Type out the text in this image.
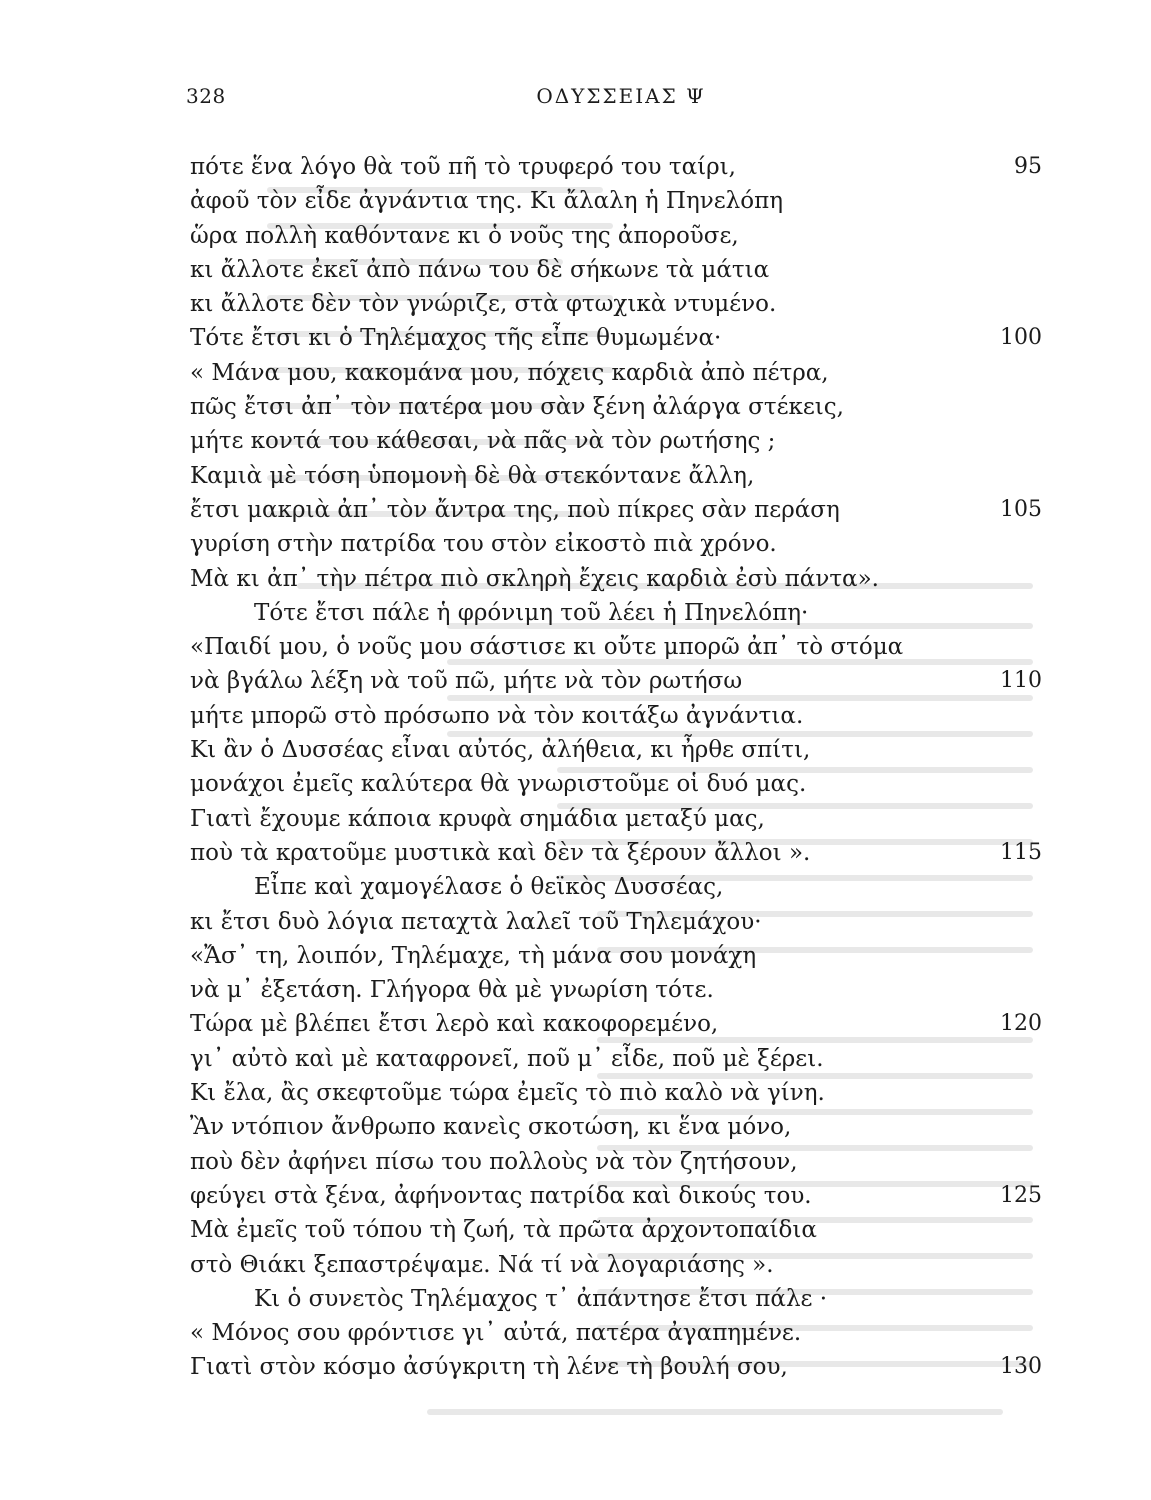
328	ΟΔΥΣΣΕΙΑΣ Ψ
πότε ἕνα λόγο θὰ τοῦ πῆ τὸ τρυφερό του ταίρι,	95
ἀφοῦ τὸν εἶδε ἀγνάντια της. Κι ἄλαλη ἡ Πηνελόπη
ὥρα πολλὴ καθόντανε κι ὁ νοῦς της ἀποροῦσε,
κι ἄλλοτε ἐκεῖ ἀπὸ πάνω του δὲ σήκωνε τὰ μάτια
κι ἄλλοτε δὲν τὸν γνώριζε, στὰ φτωχικὰ ντυμένο.
Τότε ἔτσι κι ὁ Τηλέμαχος τῆς εἶπε θυμωμένα·	100
« Μάνα μου, κακομάνα μου, πόχεις καρδιὰ ἀπὸ πέτρα,
πῶς ἔτσι ἀπ᾽ τὸν πατέρα μου σὰν ξένη ἀλάργα στέκεις,
μήτε κοντά του κάθεσαι, νὰ πᾶς νὰ τὸν ρωτήσης ;
Καμιὰ μὲ τόση ὑπομονὴ δὲ θὰ στεκόντανε ἄλλη,
ἔτσι μακριὰ ἀπ᾽ τὸν ἄντρα της, ποὺ πίκρες σὰν περάση	105
γυρίση στὴν πατρίδα του στὸν εἰκοστὸ πιὰ χρόνο.
Μὰ κι ἀπ᾽ τὴν πέτρα πιὸ σκληρὴ ἔχεις καρδιὰ ἐσὺ πάντα».
Τότε ἔτσι πάλε ἡ φρόνιμη τοῦ λέει ἡ Πηνελόπη·
«Παιδί μου, ὁ νοῦς μου σάστισε κι οὔτε μπορῶ ἀπ᾽ τὸ στόμα
νὰ βγάλω λέξη νὰ τοῦ πῶ, μήτε νὰ τὸν ρωτήσω	110
μήτε μπορῶ στὸ πρόσωπο νὰ τὸν κοιτάξω ἀγνάντια.
Κι ἂν ὁ Δυσσέας εἶναι αὐτός, ἀλήθεια, κι ἦρθε σπίτι,
μονάχοι ἐμεῖς καλύτερα θὰ γνωριστοῦμε οἱ δυό μας.
Γιατὶ ἔχουμε κάποια κρυφὰ σημάδια μεταξύ μας,
ποὺ τὰ κρατοῦμε μυστικὰ καὶ δὲν τὰ ξέρουν ἄλλοι ».	115
Εἶπε καὶ χαμογέλασε ὁ θεϊκὸς Δυσσέας,
κι ἔτσι δυὸ λόγια πεταχτὰ λαλεῖ τοῦ Τηλεμάχου·
«Ἄσ᾽ τη, λοιπόν, Τηλέμαχε, τὴ μάνα σου μονάχη
νὰ μ᾽ ἐξετάση. Γλήγορα θὰ μὲ γνωρίση τότε.
Τώρα μὲ βλέπει ἔτσι λερὸ καὶ κακοφορεμένο,	120
γι᾽ αὐτὸ καὶ μὲ καταφρονεῖ, ποῦ μ᾽ εἶδε, ποῦ μὲ ξέρει.
Κι ἔλα, ἂς σκεφτοῦμε τώρα ἐμεῖς τὸ πιὸ καλὸ νὰ γίνη.
Ἂν ντόπιον ἄνθρωπο κανεὶς σκοτώση, κι ἕνα μόνο,
ποὺ δὲν ἀφήνει πίσω του πολλοὺς νὰ τὸν ζητήσουν,
φεύγει στὰ ξένα, ἀφήνοντας πατρίδα καὶ δικούς του.	125
Μὰ ἐμεῖς τοῦ τόπου τὴ ζωή, τὰ πρῶτα ἀρχοντοπαίδια
στὸ Θιάκι ξεπαστρέψαμε. Νά τί νὰ λογαριάσης ».
Κι ὁ συνετὸς Τηλέμαχος τ᾽ ἀπάντησε ἔτσι πάλε ·
« Μόνος σου φρόντισε γι᾽ αὐτά, πατέρα ἀγαπημένε.
Γιατὶ στὸν κόσμο ἀσύγκριτη τὴ λένε τὴ βουλή σου,	130
